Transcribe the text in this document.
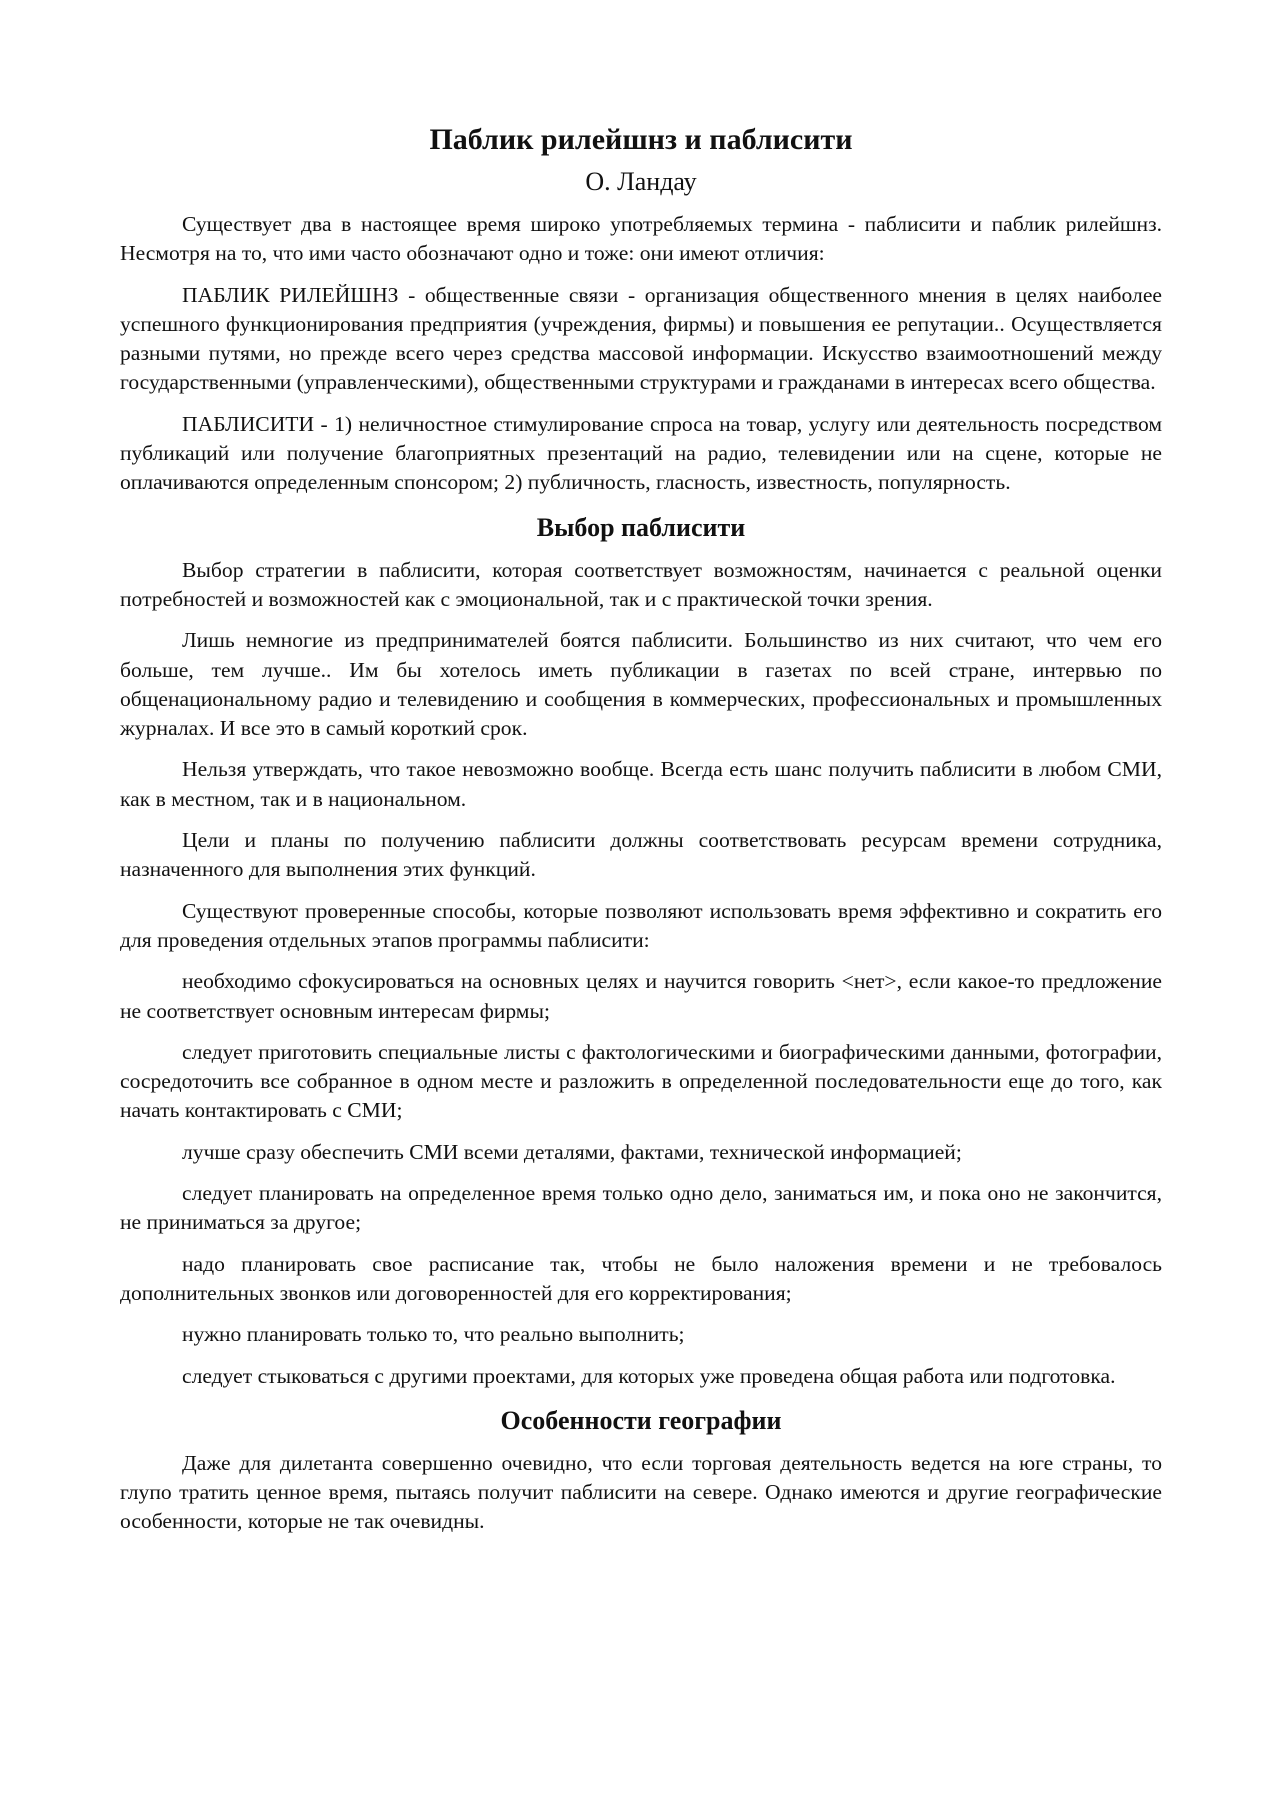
Паблик рилейшнз и паблисити
О. Ландау

Существует два в настоящее время широко употребляемых термина - паблисити и паблик рилейшнз. Несмотря на то, что ими часто обозначают одно и тоже: они имеют отличия:

ПАБЛИК РИЛЕЙШНЗ - общественные связи - организация общественного мнения в целях наиболее успешного функционирования предприятия (учреждения, фирмы) и повышения ее репутации.. Осуществляется разными путями, но прежде всего через средства массовой информации. Искусство взаимоотношений между государственными (управленческими), общественными структурами и гражданами в интересах всего общества.

ПАБЛИСИТИ - 1) неличностное стимулирование спроса на товар, услугу или деятельность посредством публикаций или получение благоприятных презентаций на радио, телевидении или на сцене, которые не оплачиваются определенным спонсором; 2) публичность, гласность, известность, популярность.

Выбор паблисити

Выбор стратегии в паблисити, которая соответствует возможностям, начинается с реальной оценки потребностей и возможностей как с эмоциональной, так и с практической точки зрения.

Лишь немногие из предпринимателей боятся паблисити. Большинство из них считают, что чем его больше, тем лучше.. Им бы хотелось иметь публикации в газетах по всей стране, интервью по общенациональному радио и телевидению и сообщения в коммерческих, профессиональных и промышленных журналах. И все это в самый короткий срок.

Нельзя утверждать, что такое невозможно вообще. Всегда есть шанс получить паблисити в любом СМИ, как в местном, так и в национальном.

Цели и планы по получению паблисити должны соответствовать ресурсам времени сотрудника, назначенного для выполнения этих функций.

Существуют проверенные способы, которые позволяют использовать время эффективно и сократить его для проведения отдельных этапов программы паблисити:

необходимо сфокусироваться на основных целях и научится говорить <нет>, если какое-то предложение не соответствует основным интересам фирмы;

следует приготовить специальные листы с фактологическими и биографическими данными, фотографии, сосредоточить все собранное в одном месте и разложить в определенной последовательности еще до того, как начать контактировать с СМИ;

лучше сразу обеспечить СМИ всеми деталями, фактами, технической информацией;

следует планировать на определенное время только одно дело, заниматься им, и пока оно не закончится, не приниматься за другое;

надо планировать свое расписание так, чтобы не было наложения времени и не требовалось дополнительных звонков или договоренностей для его корректирования;

нужно планировать только то, что реально выполнить;

следует стыковаться с другими проектами, для которых уже проведена общая работа или подготовка.

Особенности географии

Даже для дилетанта совершенно очевидно, что если торговая деятельность ведется на юге страны, то глупо тратить ценное время, пытаясь получит паблисити на севере. Однако имеются и другие географические особенности, которые не так очевидны.
